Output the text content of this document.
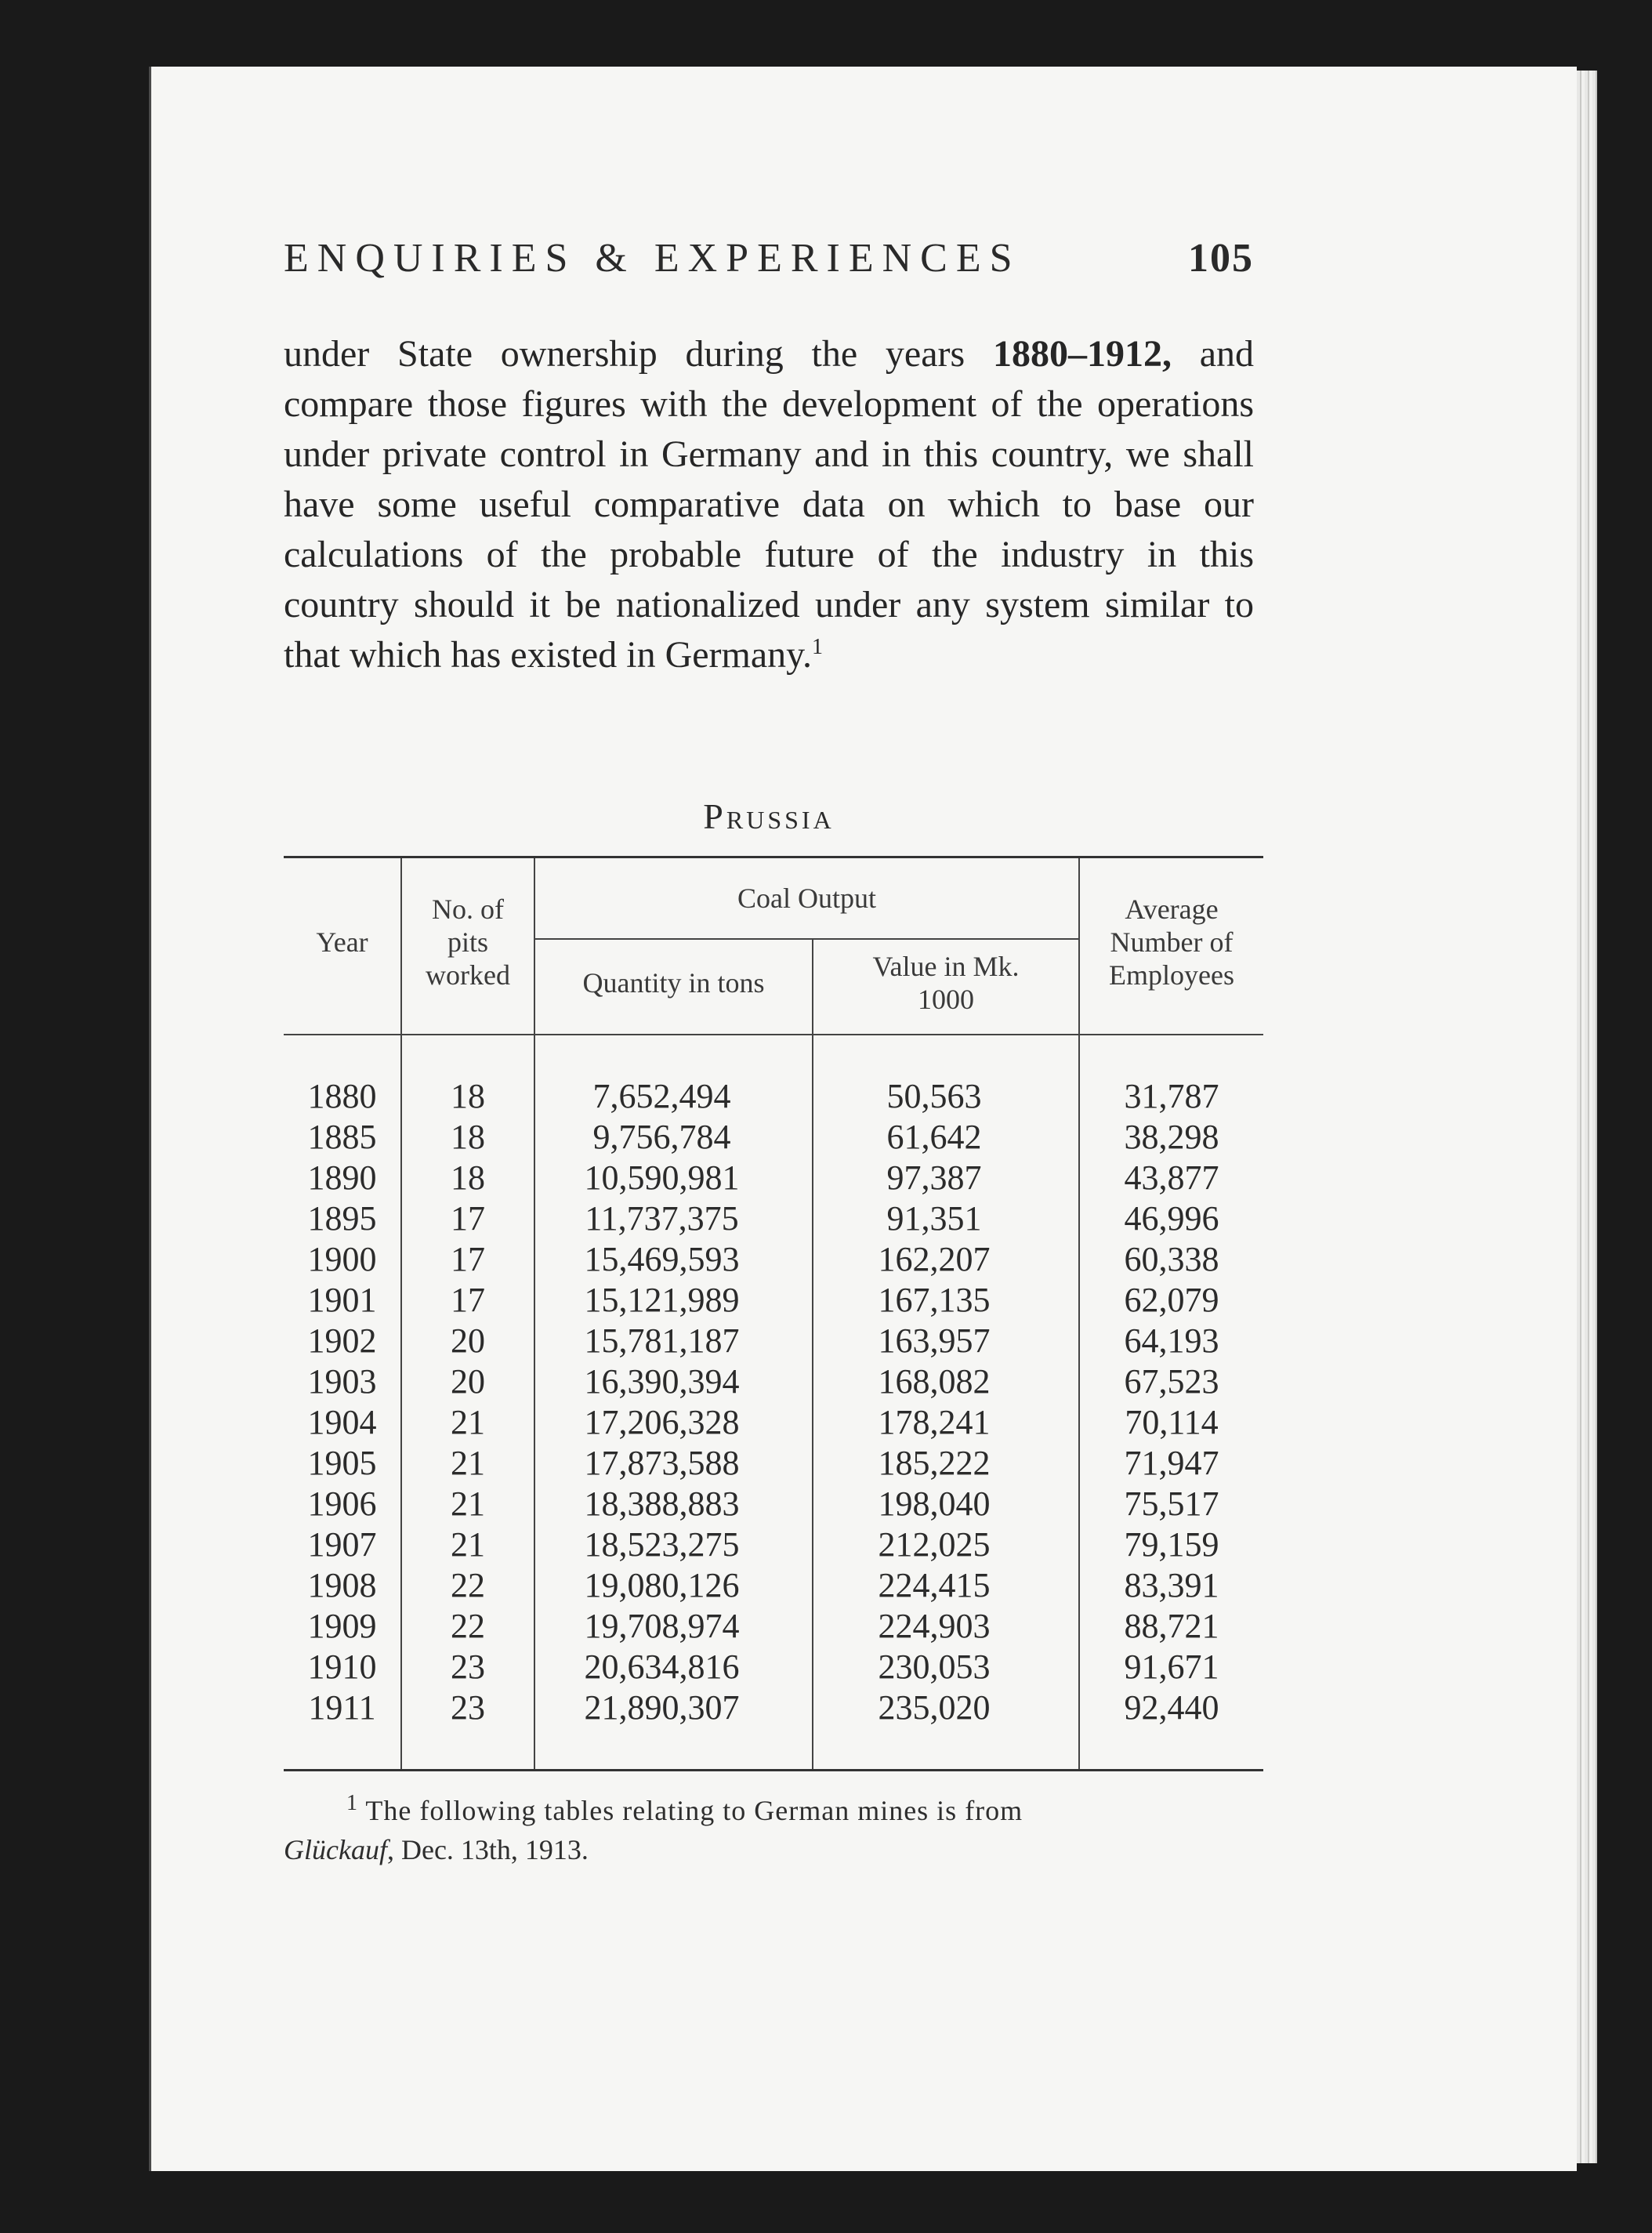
ENQUIRIES & EXPERIENCES	105

under State ownership during the years 1880–1912, and compare those figures with the development of the operations under private control in Germany and in this country, we shall have some useful comparative data on which to base our calculations of the probable future of the industry in this country should it be nationalized under any system similar to that which has existed in Germany.$^1$

Prussia
Year	No. of pits worked	Coal Output		Average Number of Employees
		Quantity in tons	Value in Mk. 1000	

1880	18	7,652,494	50,563	31,787
1885	18	9,756,784	61,642	38,298
1890	18	10,590,981	97,387	43,877
1895	17	11,737,375	91,351	46,996
1900	17	15,469,593	162,207	60,338
1901	17	15,121,989	167,135	62,079
1902	20	15,781,187	163,957	64,193
1903	20	16,390,394	168,082	67,523
1904	21	17,206,328	178,241	70,114
1905	21	17,873,588	185,222	71,947
1906	21	18,388,883	198,040	75,517
1907	21	18,523,275	212,025	79,159
1908	22	19,080,126	224,415	83,391
1909	22	19,708,974	224,903	88,721
1910	23	20,634,816	230,053	91,671
1911	23	21,890,307	235,020	92,440

$^1$ The following tables relating to German mines is from
Glückauf, Dec. 13th, 1913.
